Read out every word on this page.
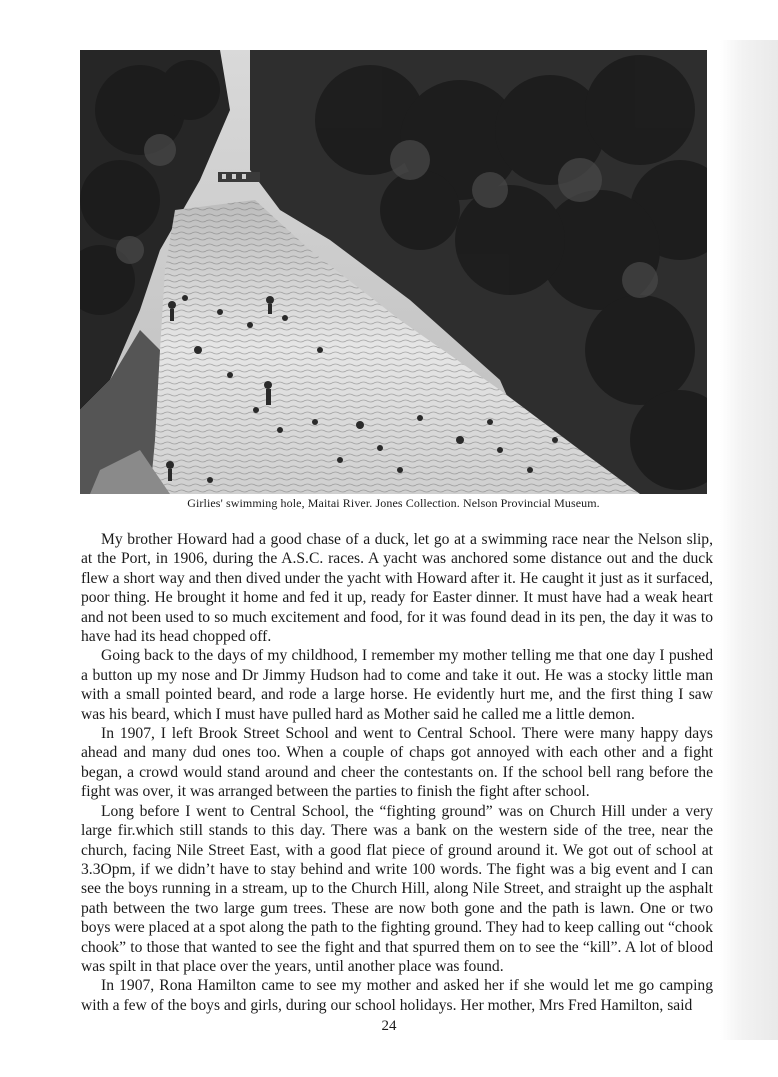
Girlies' swimming hole, Maitai River. Jones Collection. Nelson Provincial Museum.

My brother Howard had a good chase of a duck, let go at a swimming race near the Nelson slip, at the Port, in 1906, during the A.S.C. races. A yacht was anchored some distance out and the duck flew a short way and then dived under the yacht with Howard after it. He caught it just as it surfaced, poor thing. He brought it home and fed it up, ready for Easter dinner. It must have had a weak heart and not been used to so much excitement and food, for it was found dead in its pen, the day it was to have had its head chopped off.

Going back to the days of my childhood, I remember my mother telling me that one day I pushed a button up my nose and Dr Jimmy Hudson had to come and take it out. He was a stocky little man with a small pointed beard, and rode a large horse. He evidently hurt me, and the first thing I saw was his beard, which I must have pulled hard as Mother said he called me a little demon.

In 1907, I left Brook Street School and went to Central School. There were many happy days ahead and many dud ones too. When a couple of chaps got annoyed with each other and a fight began, a crowd would stand around and cheer the contestants on. If the school bell rang before the fight was over, it was arranged between the parties to finish the fight after school.

Long before I went to Central School, the “fighting ground” was on Church Hill under a very large fir.which still stands to this day. There was a bank on the western side of the tree, near the church, facing Nile Street East, with a good flat piece of ground around it. We got out of school at 3.3Opm, if we didn’t have to stay behind and write 100 words. The fight was a big event and I can see the boys running in a stream, up to the Church Hill, along Nile Street, and straight up the asphalt path between the two large gum trees. These are now both gone and the path is lawn. One or two boys were placed at a spot along the path to the fighting ground. They had to keep calling out “chook chook” to those that wanted to see the fight and that spurred them on to see the “kill”. A lot of blood was spilt in that place over the years, until another place was found.

In 1907, Rona Hamilton came to see my mother and asked her if she would let me go camping with a few of the boys and girls, during our school holidays. Her mother, Mrs Fred Hamilton, said

24
